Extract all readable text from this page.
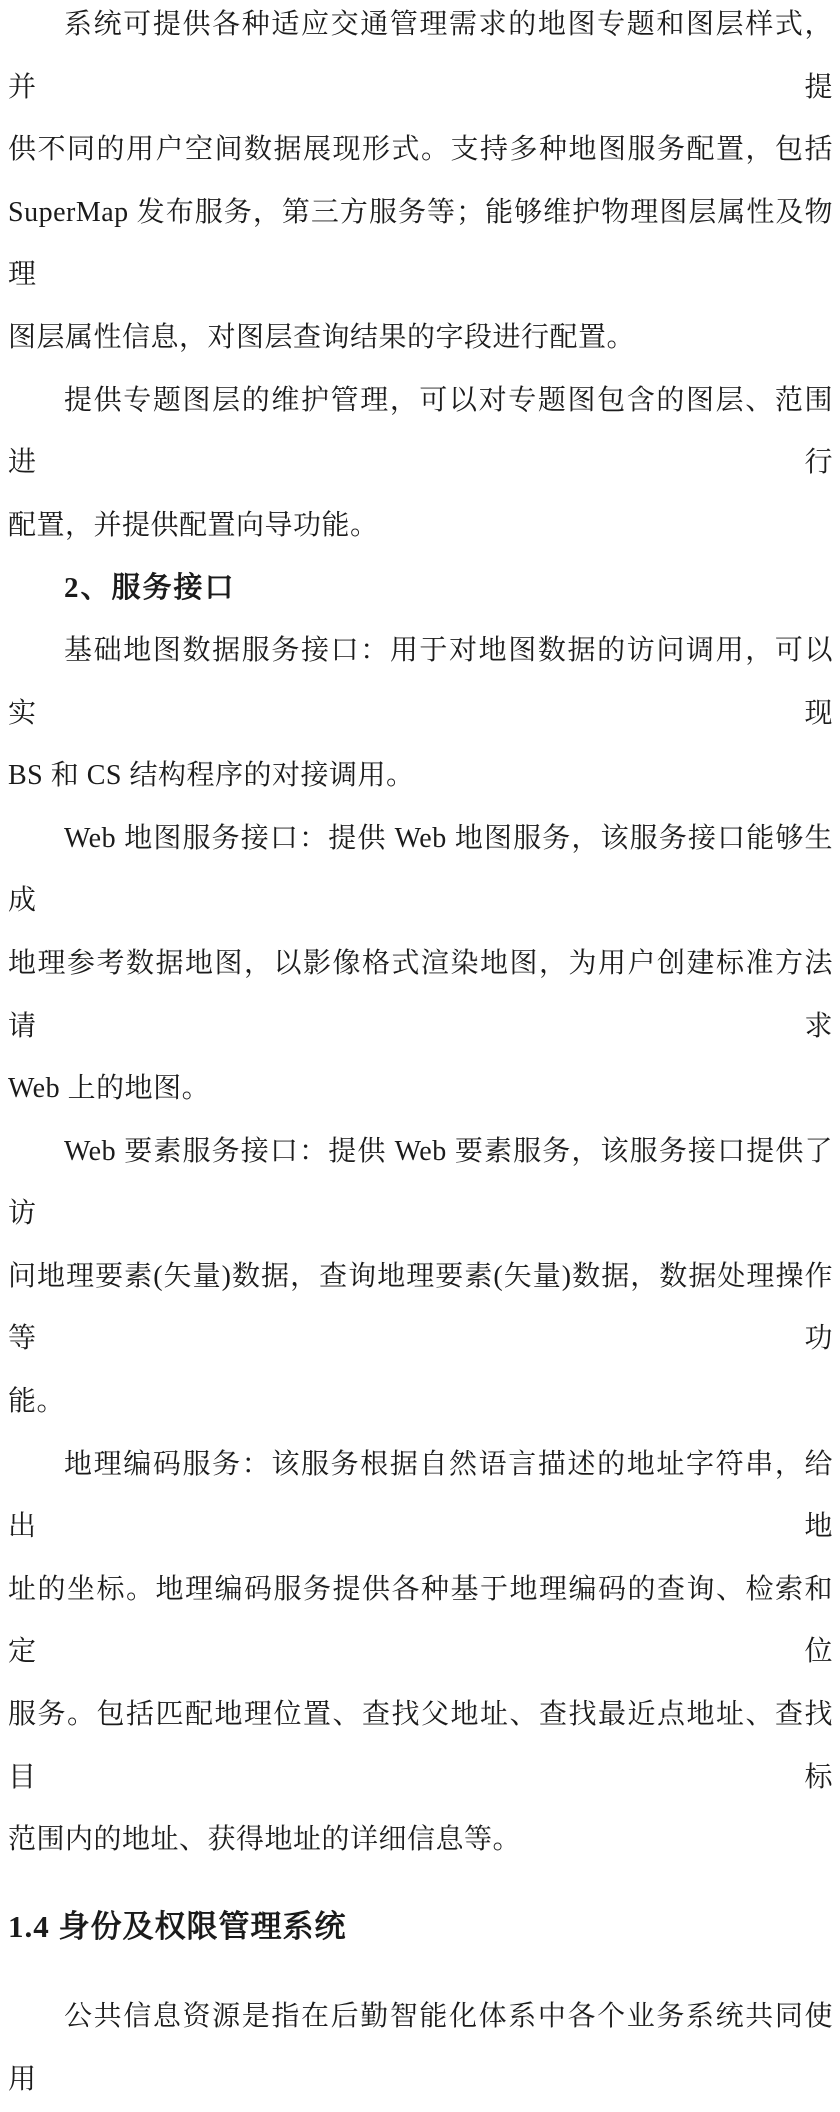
系统可提供各种适应交通管理需求的地图专题和图层样式，并提
供不同的用户空间数据展现形式。支持多种地图服务配置，包括
SuperMap 发布服务，第三方服务等；能够维护物理图层属性及物理
图层属性信息，对图层查询结果的字段进行配置。
提供专题图层的维护管理，可以对专题图包含的图层、范围进行
配置，并提供配置向导功能。
2、服务接口
基础地图数据服务接口：用于对地图数据的访问调用，可以实现
BS 和 CS 结构程序的对接调用。
Web 地图服务接口：提供 Web 地图服务，该服务接口能够生成
地理参考数据地图，以影像格式渲染地图，为用户创建标准方法请求
Web 上的地图。
Web 要素服务接口：提供 Web 要素服务，该服务接口提供了访
问地理要素(矢量)数据，查询地理要素(矢量)数据，数据处理操作等功
能。
地理编码服务：该服务根据自然语言描述的地址字符串，给出地
址的坐标。地理编码服务提供各种基于地理编码的查询、检索和定位
服务。包括匹配地理位置、查找父地址、查找最近点地址、查找目标
范围内的地址、获得地址的详细信息等。
1.4 身份及权限管理系统
公共信息资源是指在后勤智能化体系中各个业务系统共同使用
